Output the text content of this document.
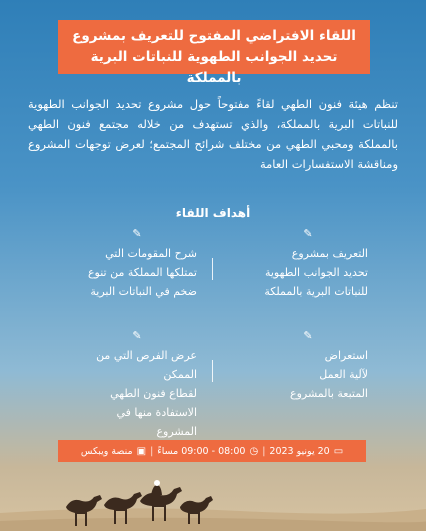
اللقاء الافتراضي المفتوح للتعريف بمشروع
تحديد الجوانب الطهوية للنباتات البرية بالمملكة
تنظم هيئة فنون الطهي لقاءً مفتوحاً حول مشروع تحديد الجوانب الطهوية للنباتات البرية بالمملكة، والذي تستهدف من خلاله مجتمع فنون الطهي بالمملكة ومحبي الطهي من مختلف شرائح المجتمع؛ لعرض توجهات المشروع ومناقشة الاستفسارات العامة
أهداف اللقاء
✎
التعريف بمشروع
تحديد الجوانب الطهوية
للنباتات البرية بالمملكة
✎
شرح المقومات التي
تمتلكها المملكة من تنوع
ضخم في النباتات البرية
✎
استعراض
لآلية العمل
المتبعة بالمشروع
✎
عرض الفرص التي من الممكن
لقطاع فنون الطهي
الاستفادة منها في المشروع
▭
20 يونيو 2023
|
◷
08:00 - 09:00 مساءً
|
▣
منصة ويبكس
